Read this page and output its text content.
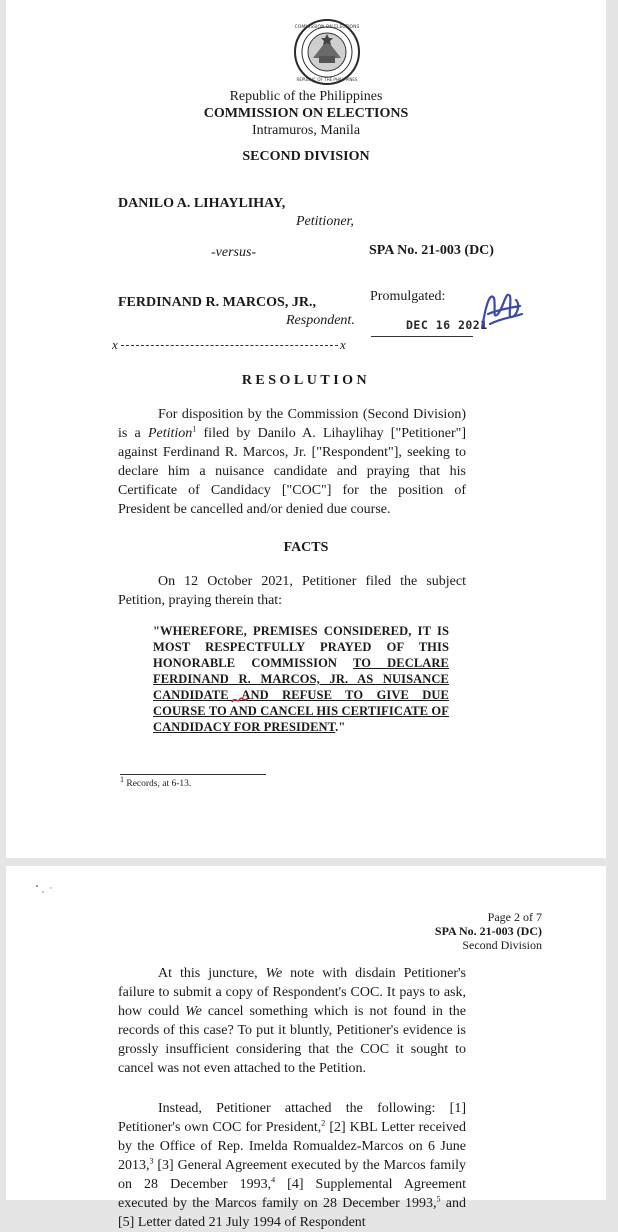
COMMISSION ON ELECTIONS
REPUBLIC OF THE PHILIPPINES
Republic of the Philippines
COMMISSION ON ELECTIONS
Intramuros, Manila
SECOND DIVISION
DANILO A. LIHAYLIHAY,
Petitioner,
-versus-	SPA No. 21-003 (DC)
FERDINAND R. MARCOS, JR.,
Respondent.
Promulgated:
DEC 16 2021
x	x
RESOLUTION
For disposition by the Commission (Second Division) is a Petition$^1$ filed by Danilo A. Lihaylihay ["Petitioner"] against Ferdinand R. Marcos, Jr. ["Respondent"], seeking to declare him a nuisance candidate and praying that his Certificate of Candidacy ["COC"] for the position of President be cancelled and/or denied due course.
FACTS
On 12 October 2021, Petitioner filed the subject Petition, praying therein that:
"WHEREFORE, PREMISES CONSIDERED, IT IS MOST RESPECTFULLY PRAYED OF THIS HONORABLE COMMISSION TO DECLARE FERDINAND R. MARCOS, JR. AS NUISANCE CANDIDATE AND REFUSE TO GIVE DUE COURSE TO AND CANCEL HIS CERTIFICATE OF CANDIDACY FOR PRESIDENT."
$^1$ Records, at 6-13.
Page 2 of 7
SPA No. 21-003 (DC)
Second Division
At this juncture, We note with disdain Petitioner's failure to submit a copy of Respondent's COC. It pays to ask, how could We cancel something which is not found in the records of this case? To put it bluntly, Petitioner's evidence is grossly insufficient considering that the COC it sought to cancel was not even attached to the Petition.
Instead, Petitioner attached the following: [1] Petitioner's own COC for President,$^2$ [2] KBL Letter received by the Office of Rep. Imelda Romualdez-Marcos on 6 June 2013,$^3$ [3] General Agreement executed by the Marcos family on 28 December 1993,$^4$ [4] Supplemental Agreement executed by the Marcos family on 28 December 1993,$^5$ and [5] Letter dated 21 July 1994 of Respondent
